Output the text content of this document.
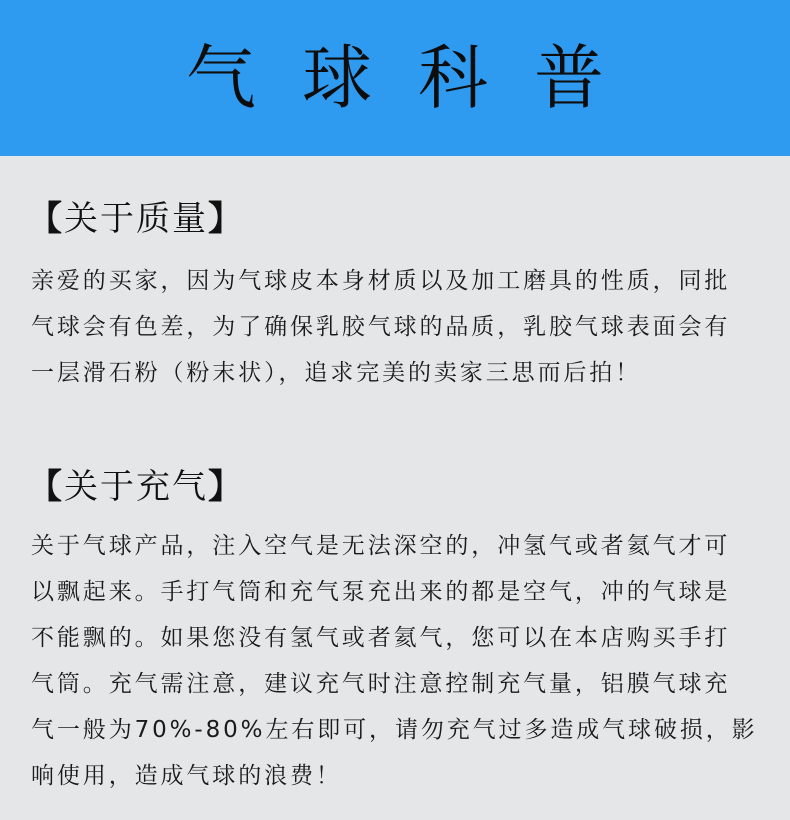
气球科普
【关于质量】
亲爱的买家，因为气球皮本身材质以及加工磨具的性质，同批
气球会有色差，为了确保乳胶气球的品质，乳胶气球表面会有
一层滑石粉（粉末状），追求完美的卖家三思而后拍！
【关于充气】
关于气球产品，注入空气是无法深空的，冲氢气或者氦气才可
以飘起来。手打气筒和充气泵充出来的都是空气，冲的气球是
不能飘的。如果您没有氢气或者氦气，您可以在本店购买手打
气筒。充气需注意，建议充气时注意控制充气量，铝膜气球充
气一般为70%-80%左右即可，请勿充气过多造成气球破损，影
响使用，造成气球的浪费！
